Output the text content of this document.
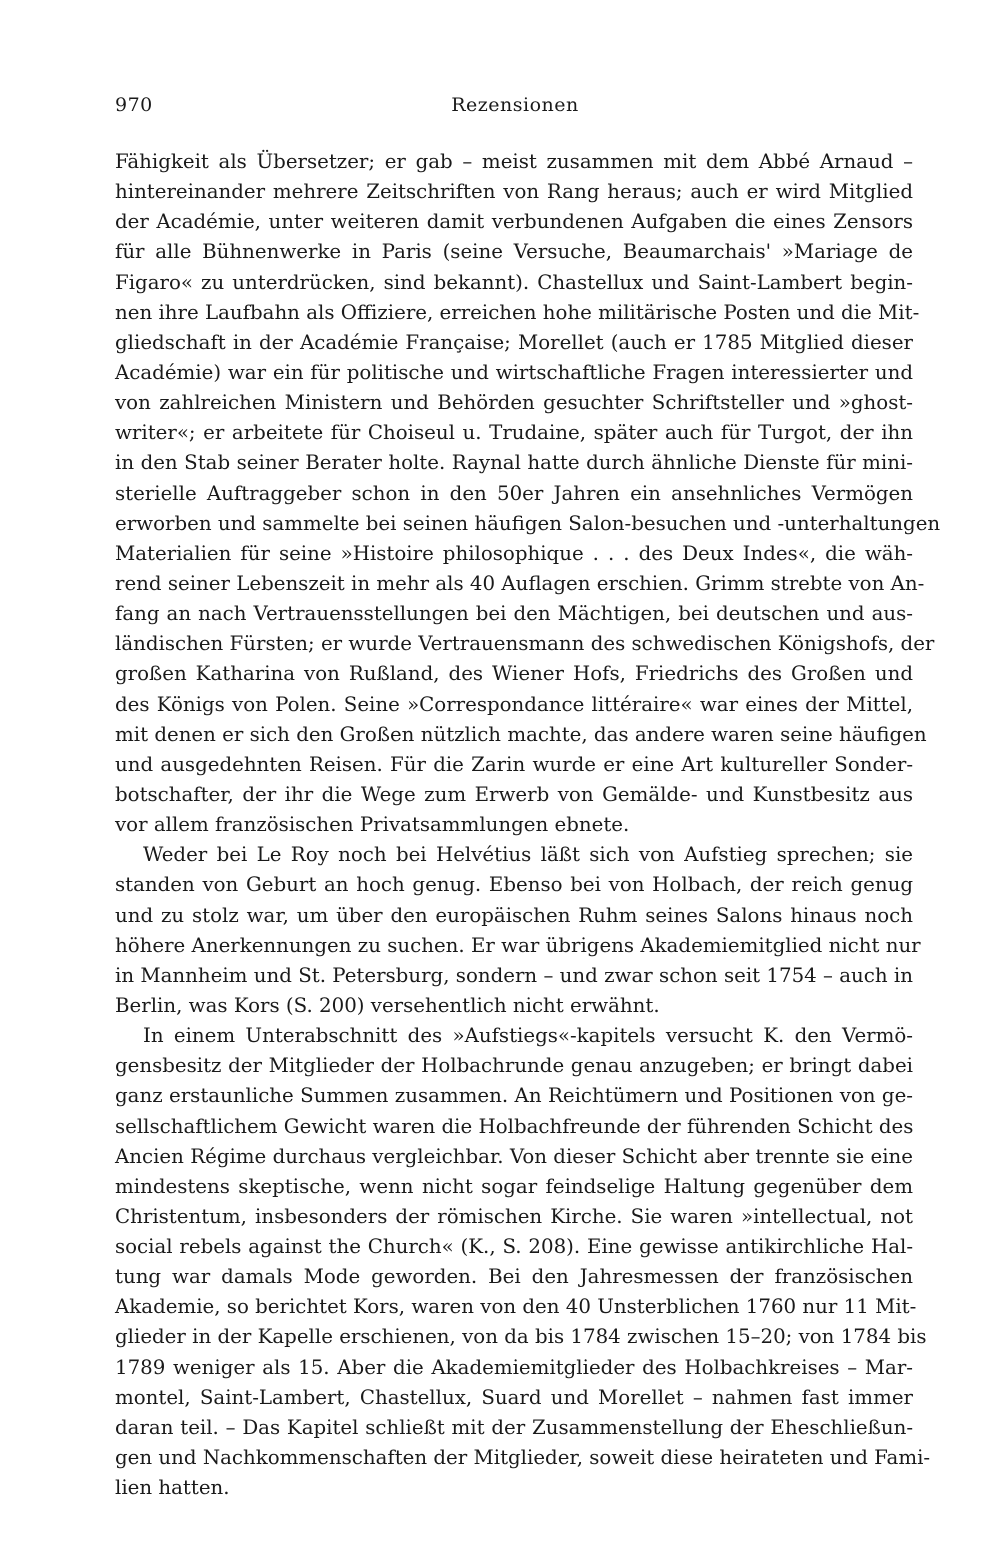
970	Rezensionen
Fähigkeit als Übersetzer; er gab – meist zusammen mit dem Abbé Arnaud –
hintereinander mehrere Zeitschriften von Rang heraus; auch er wird Mitglied
der Académie, unter weiteren damit verbundenen Aufgaben die eines Zensors
für alle Bühnenwerke in Paris (seine Versuche, Beaumarchais' »Mariage de
Figaro« zu unterdrücken, sind bekannt). Chastellux und Saint-Lambert begin-
nen ihre Laufbahn als Offiziere, erreichen hohe militärische Posten und die Mit-
gliedschaft in der Académie Française; Morellet (auch er 1785 Mitglied dieser
Académie) war ein für politische und wirtschaftliche Fragen interessierter und
von zahlreichen Ministern und Behörden gesuchter Schriftsteller und »ghost-
writer«; er arbeitete für Choiseul u. Trudaine, später auch für Turgot, der ihn
in den Stab seiner Berater holte. Raynal hatte durch ähnliche Dienste für mini-
sterielle Auftraggeber schon in den 50er Jahren ein ansehnliches Vermögen
erworben und sammelte bei seinen häufigen Salon-besuchen und -unterhaltungen
Materialien für seine »Histoire philosophique . . . des Deux Indes«, die wäh-
rend seiner Lebenszeit in mehr als 40 Auflagen erschien. Grimm strebte von An-
fang an nach Vertrauensstellungen bei den Mächtigen, bei deutschen und aus-
ländischen Fürsten; er wurde Vertrauensmann des schwedischen Königshofs, der
großen Katharina von Rußland, des Wiener Hofs, Friedrichs des Großen und
des Königs von Polen. Seine »Correspondance littéraire« war eines der Mittel,
mit denen er sich den Großen nützlich machte, das andere waren seine häufigen
und ausgedehnten Reisen. Für die Zarin wurde er eine Art kultureller Sonder-
botschafter, der ihr die Wege zum Erwerb von Gemälde- und Kunstbesitz aus
vor allem französischen Privatsammlungen ebnete.
Weder bei Le Roy noch bei Helvétius läßt sich von Aufstieg sprechen; sie
standen von Geburt an hoch genug. Ebenso bei von Holbach, der reich genug
und zu stolz war, um über den europäischen Ruhm seines Salons hinaus noch
höhere Anerkennungen zu suchen. Er war übrigens Akademiemitglied nicht nur
in Mannheim und St. Petersburg, sondern – und zwar schon seit 1754 – auch in
Berlin, was Kors (S. 200) versehentlich nicht erwähnt.
In einem Unterabschnitt des »Aufstiegs«-kapitels versucht K. den Vermö-
gensbesitz der Mitglieder der Holbachrunde genau anzugeben; er bringt dabei
ganz erstaunliche Summen zusammen. An Reichtümern und Positionen von ge-
sellschaftlichem Gewicht waren die Holbachfreunde der führenden Schicht des
Ancien Régime durchaus vergleichbar. Von dieser Schicht aber trennte sie eine
mindestens skeptische, wenn nicht sogar feindselige Haltung gegenüber dem
Christentum, insbesonders der römischen Kirche. Sie waren »intellectual, not
social rebels against the Church« (K., S. 208). Eine gewisse antikirchliche Hal-
tung war damals Mode geworden. Bei den Jahresmessen der französischen
Akademie, so berichtet Kors, waren von den 40 Unsterblichen 1760 nur 11 Mit-
glieder in der Kapelle erschienen, von da bis 1784 zwischen 15–20; von 1784 bis
1789 weniger als 15. Aber die Akademiemitglieder des Holbachkreises – Mar-
montel, Saint-Lambert, Chastellux, Suard und Morellet – nahmen fast immer
daran teil. – Das Kapitel schließt mit der Zusammenstellung der Eheschließun-
gen und Nachkommenschaften der Mitglieder, soweit diese heirateten und Fami-
lien hatten.
